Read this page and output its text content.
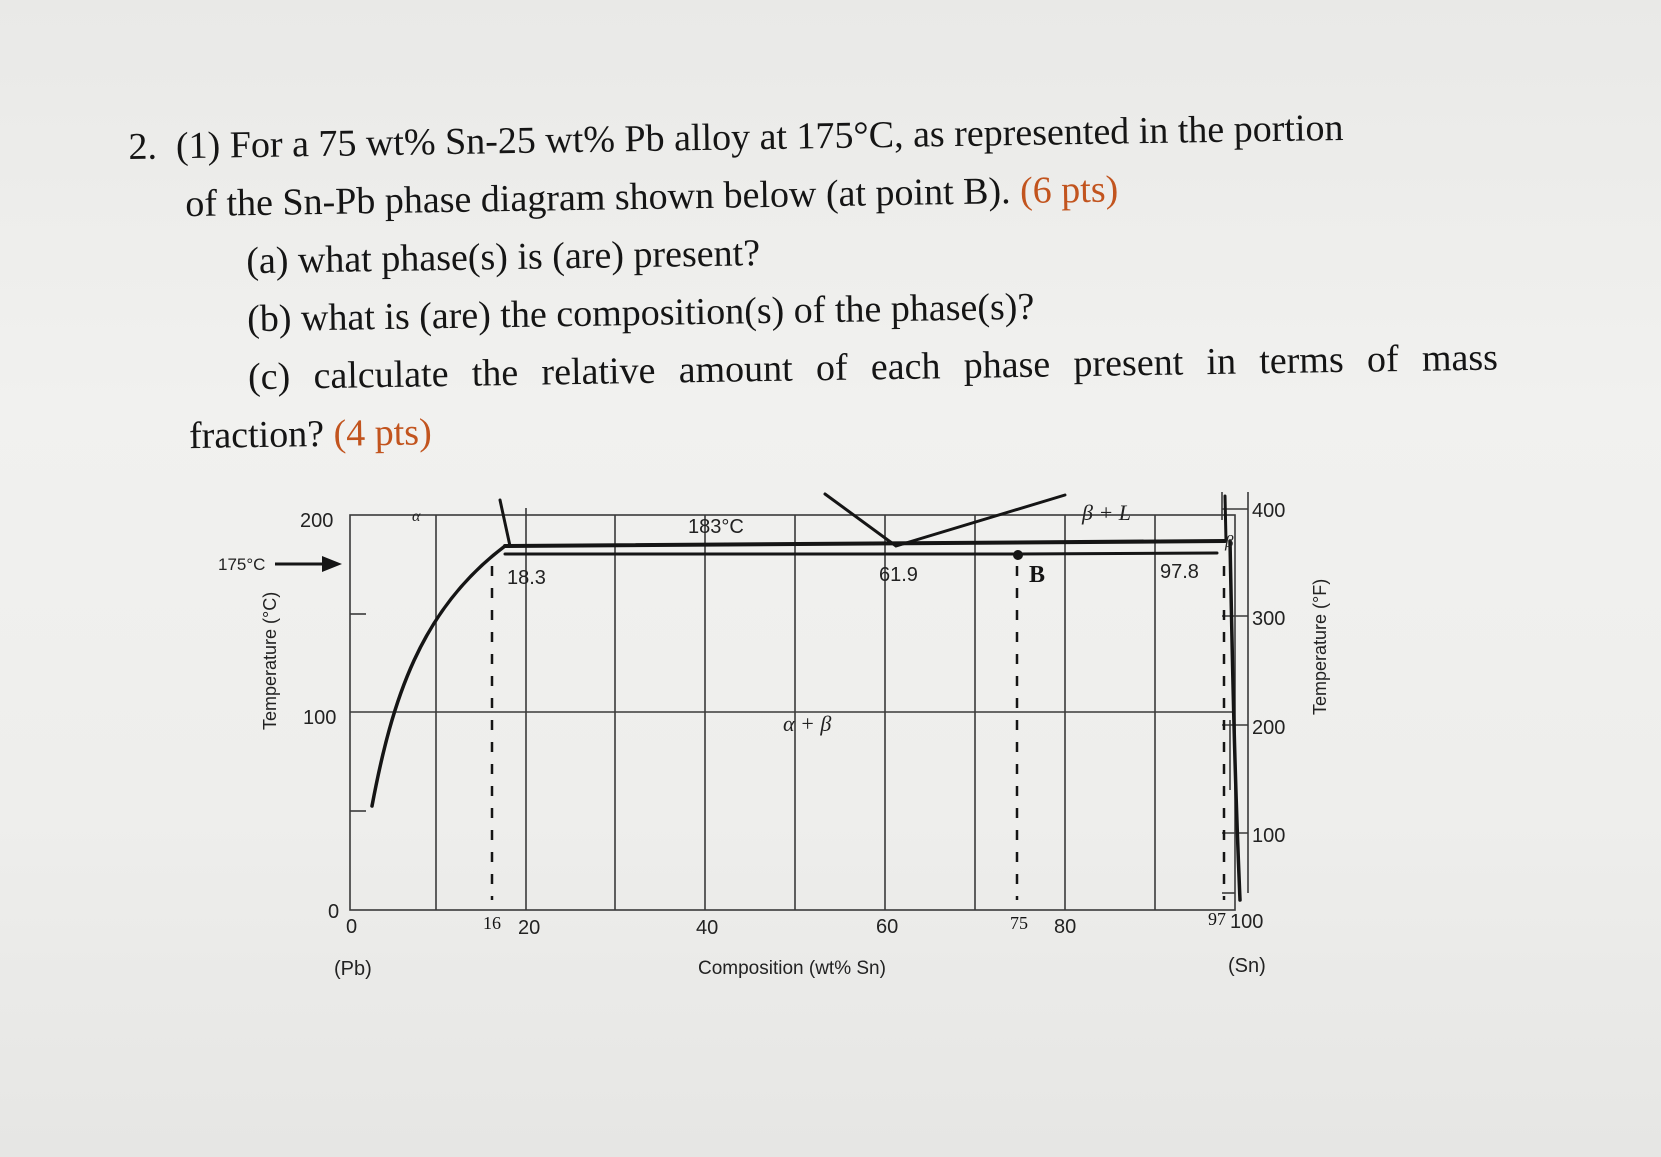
2. (1) For a 75 wt% Sn-25 wt% Pb alloy at 175°C, as represented in the portion
of the Sn-Pb phase diagram shown below (at point B). (6 pts)
(a) what phase(s) is (are) present?
(b) what is (are) the composition(s) of the phase(s)?
(c) calculate the relative amount of each phase present in terms of mass
fraction? (4 pts)
200
100
0
0	20	40	60	80	100
(Pb)	(Sn)
Composition (wt% Sn)
400
300
200
100
175°C
183°C
18.3	61.9	97.8
Temperature (°C)	Temperature (°F)
α
α + β
β + L
β
B
16	75	97
